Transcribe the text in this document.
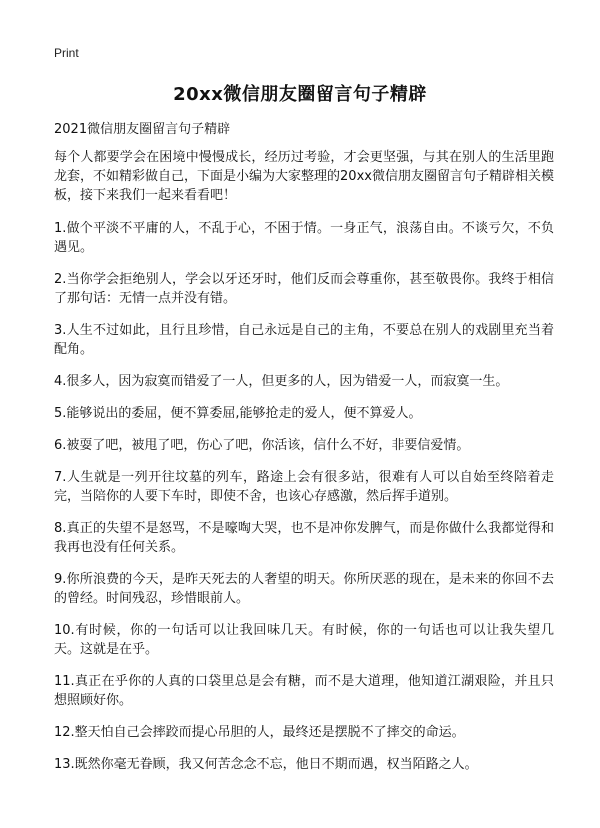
Print
20xx微信朋友圈留言句子精辟
2021微信朋友圈留言句子精辟

每个人都要学会在困境中慢慢成长，经历过考验，才会更坚强，与其在别人的生活里跑龙套，不如精彩做自己，下面是小编为大家整理的20xx微信朋友圈留言句子精辟相关模板，接下来我们一起来看看吧！

1.做个平淡不平庸的人，不乱于心，不困于情。一身正气，浪荡自由。不谈亏欠，不负遇见。

2.当你学会拒绝别人，学会以牙还牙时，他们反而会尊重你，甚至敬畏你。我终于相信了那句话：无情一点并没有错。

3.人生不过如此，且行且珍惜，自己永远是自己的主角，不要总在别人的戏剧里充当着配角。

4.很多人，因为寂寞而错爱了一人，但更多的人，因为错爱一人，而寂寞一生。

5.能够说出的委屈，便不算委屈,能够抢走的爱人，便不算爱人。

6.被耍了吧，被甩了吧，伤心了吧，你活该，信什么不好，非要信爱情。

7.人生就是一列开往坟墓的列车，路途上会有很多站，很难有人可以自始至终陪着走完，当陪你的人要下车时，即使不舍，也该心存感激，然后挥手道别。

8.真正的失望不是怒骂，不是嚎啕大哭，也不是冲你发脾气，而是你做什么我都觉得和我再也没有任何关系。

9.你所浪费的今天，是昨天死去的人奢望的明天。你所厌恶的现在，是未来的你回不去的曾经。时间残忍，珍惜眼前人。

10.有时候，你的一句话可以让我回味几天。有时候，你的一句话也可以让我失望几天。这就是在乎。

11.真正在乎你的人真的口袋里总是会有糖，而不是大道理，他知道江湖艰险，并且只想照顾好你。

12.整天怕自己会摔跤而提心吊胆的人，最终还是摆脱不了摔交的命运。

13.既然你毫无眷顾，我又何苦念念不忘，他日不期而遇，权当陌路之人。
